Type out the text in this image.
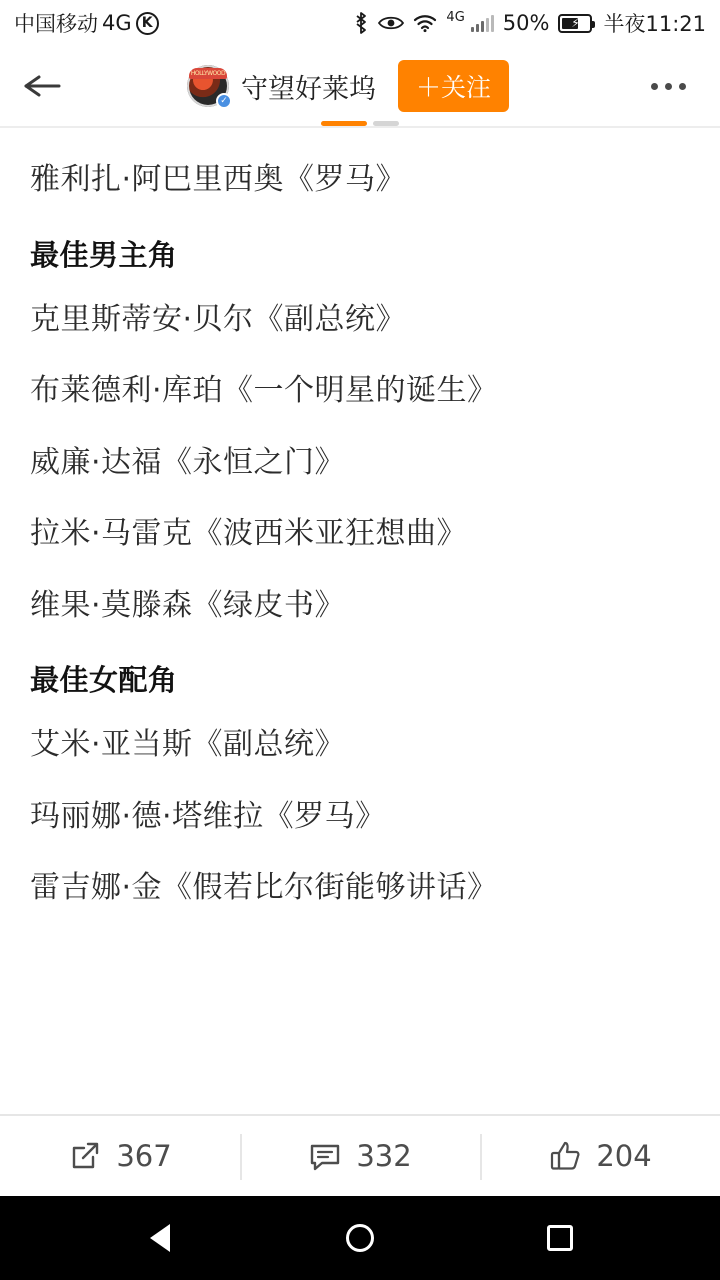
中国移动 4G K	4G 50% ⚡ 半夜11:21
HOLLYWOOD
✓ 守望好莱坞	＋关注

雅利扎·阿巴里西奥《罗马》

最佳男主角

克里斯蒂安·贝尔《副总统》

布莱德利·库珀《一个明星的诞生》

威廉·达福《永恒之门》

拉米·马雷克《波西米亚狂想曲》

维果·莫滕森《绿皮书》

最佳女配角

艾米·亚当斯《副总统》

玛丽娜·德·塔维拉《罗马》

雷吉娜·金《假若比尔街能够讲话》

367	332	204
